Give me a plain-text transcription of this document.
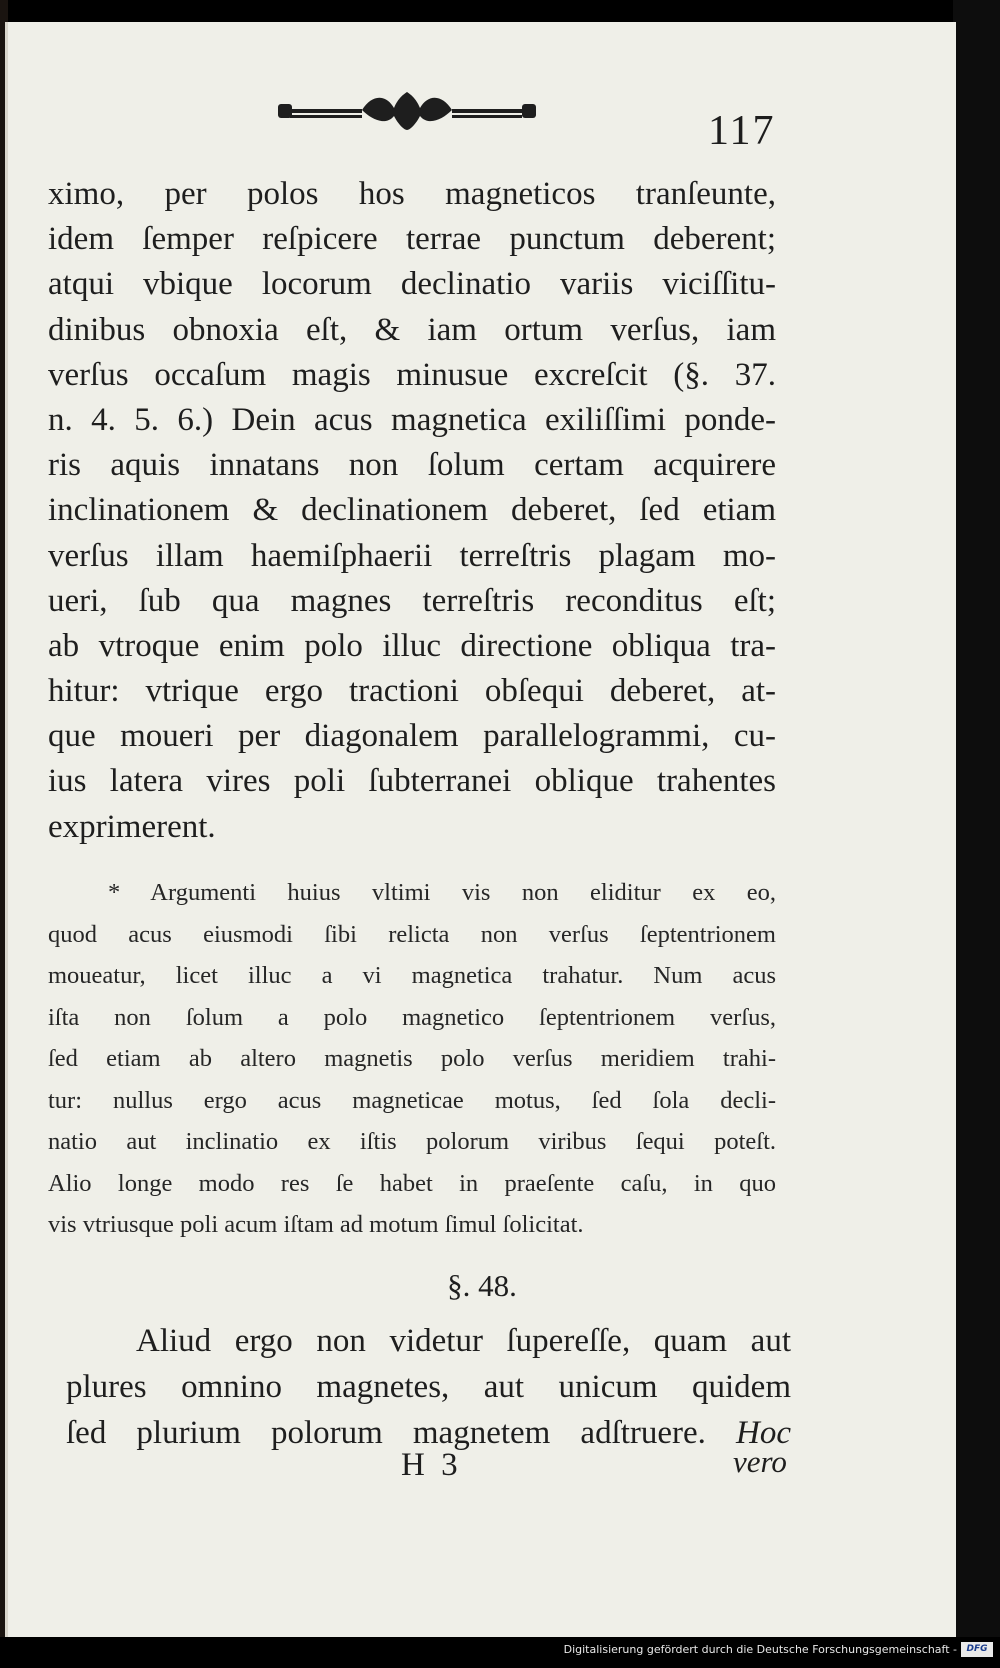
117
ximo, per polos hos magneticos tranſeunte,
idem ſemper reſpicere terrae punctum deberent;
atqui vbique locorum declinatio variis viciſſitu-
dinibus obnoxia eſt, & iam ortum verſus, iam
verſus occaſum magis minusue excreſcit (§. 37.
n. 4. 5. 6.) Dein acus magnetica exiliſſimi ponde-
ris aquis innatans non ſolum certam acquirere
inclinationem & declinationem deberet, ſed etiam
verſus illam haemiſphaerii terreſtris plagam mo-
ueri, ſub qua magnes terreſtris reconditus eſt;
ab vtroque enim polo illuc directione obliqua tra-
hitur: vtrique ergo tractioni obſequi deberet, at-
que moueri per diagonalem parallelogrammi, cu-
ius latera vires poli ſubterranei oblique trahentes
exprimerent.
* Argumenti huius vltimi vis non eliditur ex eo,
quod acus eiusmodi ſibi relicta non verſus ſeptentrionem
moueatur, licet illuc a vi magnetica trahatur. Num acus
iſta non ſolum a polo magnetico ſeptentrionem verſus,
ſed etiam ab altero magnetis polo verſus meridiem trahi-
tur: nullus ergo acus magneticae motus, ſed ſola decli-
natio aut inclinatio ex iſtis polorum viribus ſequi poteſt.
Alio longe modo res ſe habet in praeſente caſu, in quo
vis vtriusque poli acum iſtam ad motum ſimul ſolicitat.
§. 48.
Aliud ergo non videtur ſupereſſe, quam aut
plures omnino magnetes, aut unicum quidem
ſed plurium polorum magnetem adſtruere. Hoc
H 3	vero
Digitalisierung gefördert durch die Deutsche Forschungsgemeinschaft -	DFG
